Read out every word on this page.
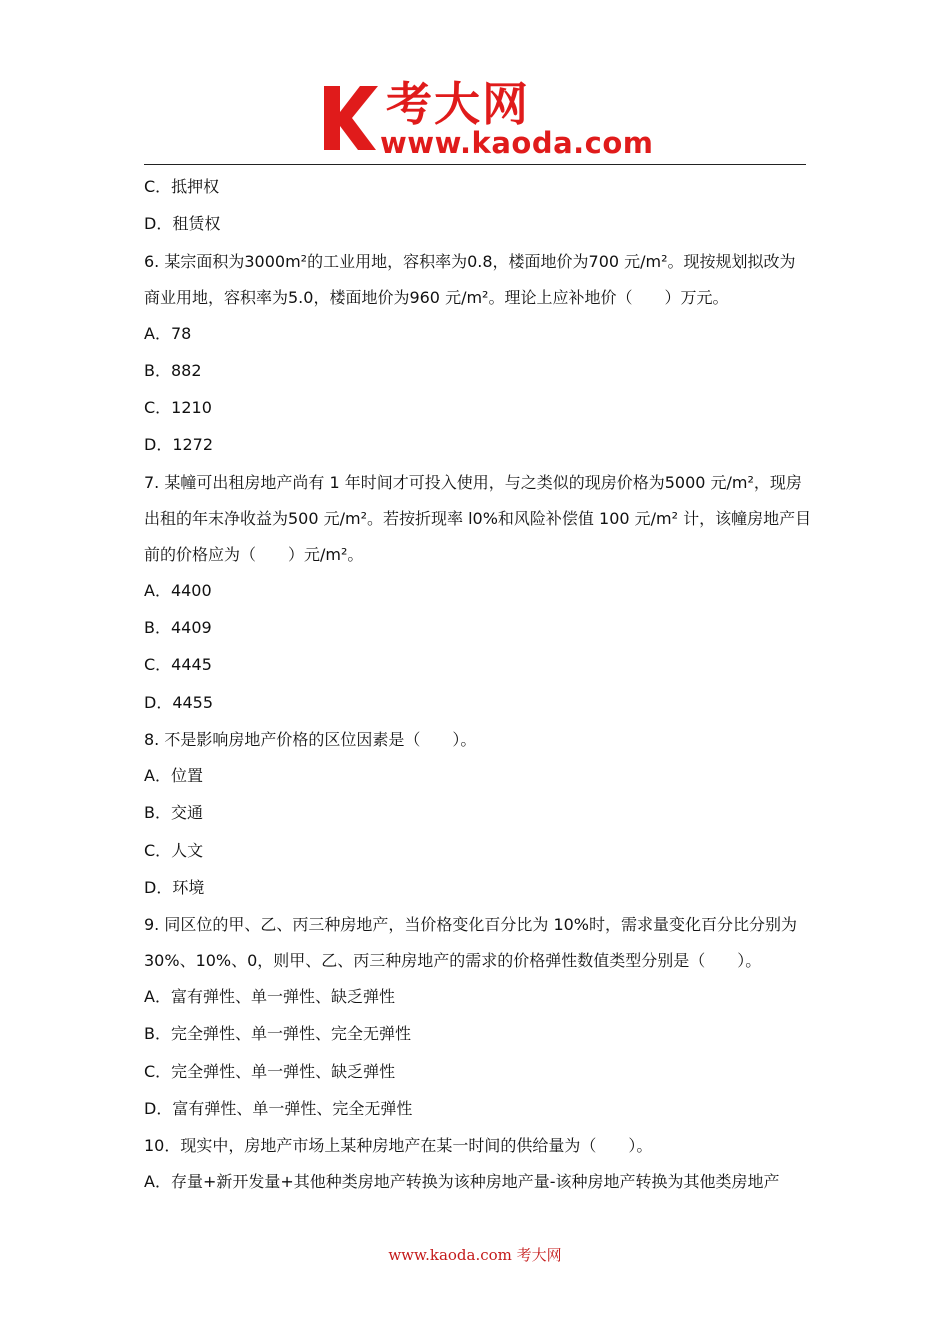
考大网
www.kaoda.com
C．抵押权
D．租赁权
6. 某宗面积为3000m²的工业用地，容积率为0.8，楼面地价为700 元/m²。现按规划拟改为
商业用地，容积率为5.0，楼面地价为960 元/m²。理论上应补地价（　　）万元。
A．78
B．882
C．1210
D．1272
7. 某幢可出租房地产尚有 1 年时间才可投入使用，与之类似的现房价格为5000 元/m²，现房
出租的年末净收益为500 元/m²。若按折现率 l0%和风险补偿值 100 元/m² 计，该幢房地产目
前的价格应为（　　）元/m²。
A．4400
B．4409
C．4445
D．4455
8. 不是影响房地产价格的区位因素是（　　）。
A．位置
B．交通
C．人文
D．环境
9. 同区位的甲、乙、丙三种房地产，当价格变化百分比为 10%时，需求量变化百分比分别为
30%、10%、0，则甲、乙、丙三种房地产的需求的价格弹性数值类型分别是（　　）。
A．富有弹性、单一弹性、缺乏弹性
B．完全弹性、单一弹性、完全无弹性
C．完全弹性、单一弹性、缺乏弹性
D．富有弹性、单一弹性、完全无弹性
10．现实中，房地产市场上某种房地产在某一时间的供给量为（　　）。
A．存量+新开发量+其他种类房地产转换为该种房地产量-该种房地产转换为其他类房地产
www.kaoda.com 考大网
